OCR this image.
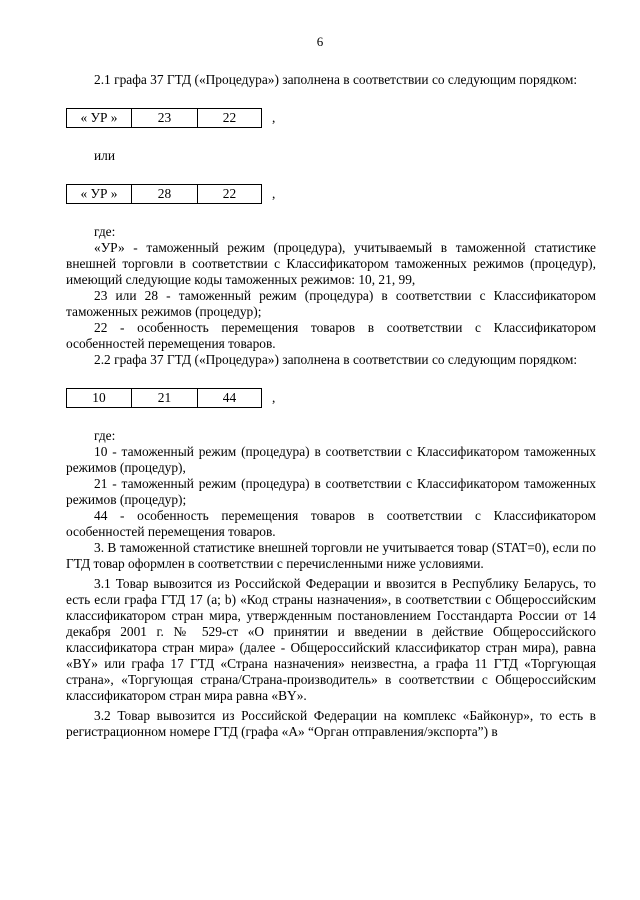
6

2.1 графа 37 ГТД («Процедура») заполнена в соответствии со следующим порядком:

« УР »	23	22	,

или

« УР »	28	22	,

где:

«УР» - таможенный режим (процедура), учитываемый в таможенной статистике внешней торговли в соответствии с Классификатором таможенных режимов (процедур), имеющий следующие коды таможенных режимов: 10, 21, 99,

23 или 28 - таможенный режим (процедура) в соответствии с Классификатором таможенных режимов (процедур);

22 - особенность перемещения товаров в соответствии с Классификатором особенностей перемещения товаров.

2.2 графа 37 ГТД («Процедура») заполнена в соответствии со следующим порядком:

10	21	44	,

где:

10 - таможенный режим (процедура) в соответствии с Классификатором таможенных режимов (процедур),

21 - таможенный режим (процедура) в соответствии с Классификатором таможенных режимов (процедур);

44 - особенность перемещения товаров в соответствии с Классификатором особенностей перемещения товаров.

3. В таможенной статистике внешней торговли не учитывается товар (STAT=0), если по ГТД товар оформлен в соответствии с перечисленными ниже условиями.

3.1 Товар вывозится из Российской Федерации и ввозится в Республику Беларусь, то есть если графа ГТД 17 (a; b) «Код страны назначения», в соответствии с Общероссийским классификатором стран мира, утвержденным постановлением Госстандарта России от 14 декабря 2001 г. № 529-ст «О принятии и введении в действие Общероссийского классификатора стран мира» (далее - Общероссийский классификатор стран мира), равна «BY» или графа 17 ГТД «Страна назначения» неизвестна, а графа 11 ГТД «Торгующая страна», «Торгующая страна/Страна-производитель» в соответствии с Общероссийским классификатором стран мира равна «BY».

3.2 Товар вывозится из Российской Федерации на комплекс «Байконур», то есть в регистрационном номере ГТД (графа «А» “Орган отправления/экспорта”) в
